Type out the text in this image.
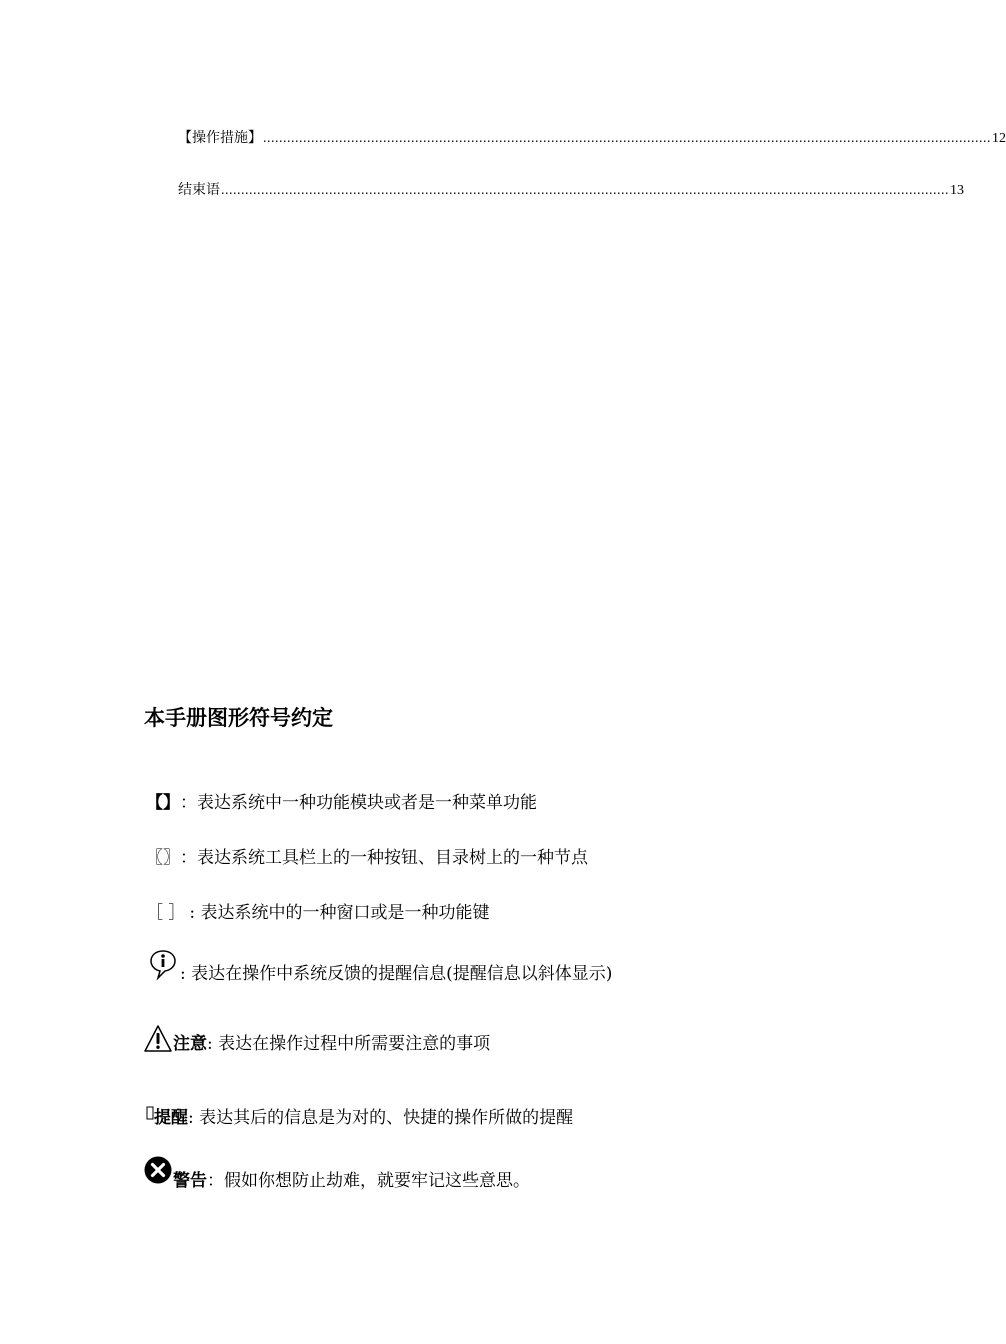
【操作措施】 ...................................................................................................................................................................................... 12
结束语 ...................................................................................................................................................................................... 13
本手册图形符号约定
【】 ：表达系统中一种功能模块或者是一种菜单功能
〖〗 ：表达系统工具栏上的一种按钮、目录树上的一种节点
［ ］ : 表达系统中的一种窗口或是一种功能键
: 表达在操作中系统反馈的提醒信息(提醒信息以斜体显示)
注意 : 表达在操作过程中所需要注意的事项
提醒 : 表达其后的信息是为对的、快捷的操作所做的提醒
警告 ：假如你想防止劫难，就要牢记这些意思。
